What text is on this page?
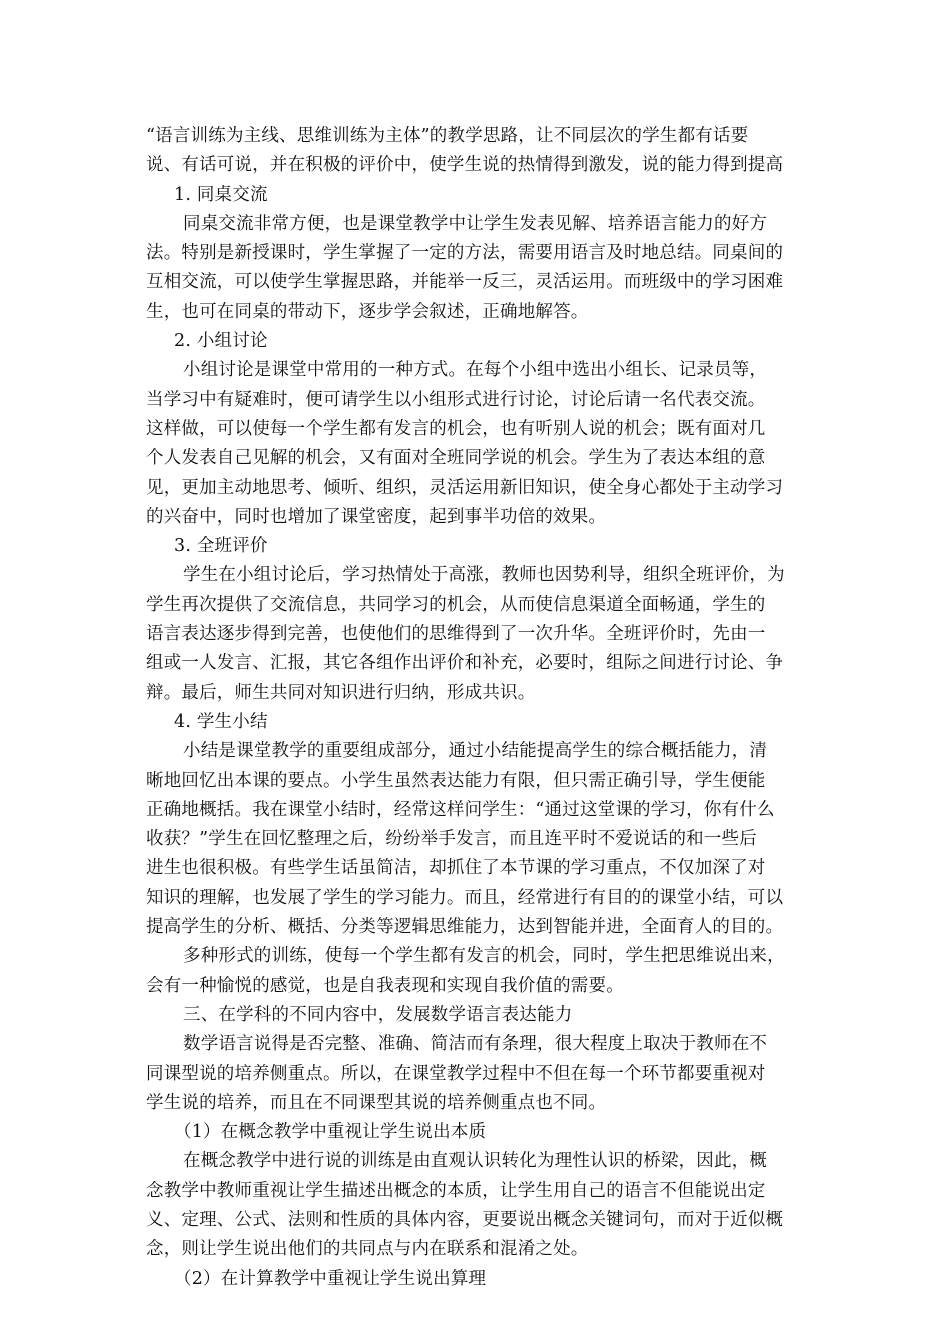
“语言训练为主线、思维训练为主体”的教学思路，让不同层次的学生都有话要
说、有话可说，并在积极的评价中，使学生说的热情得到激发，说的能力得到提高
1. 同桌交流
同桌交流非常方便，也是课堂教学中让学生发表见解、培养语言能力的好方
法。特别是新授课时，学生掌握了一定的方法，需要用语言及时地总结。同桌间的
互相交流，可以使学生掌握思路，并能举一反三，灵活运用。而班级中的学习困难
生，也可在同桌的带动下，逐步学会叙述，正确地解答。
2. 小组讨论
小组讨论是课堂中常用的一种方式。在每个小组中选出小组长、记录员等，
当学习中有疑难时，便可请学生以小组形式进行讨论，讨论后请一名代表交流。
这样做，可以使每一个学生都有发言的机会，也有听别人说的机会；既有面对几
个人发表自己见解的机会，又有面对全班同学说的机会。学生为了表达本组的意
见，更加主动地思考、倾听、组织，灵活运用新旧知识，使全身心都处于主动学习
的兴奋中，同时也增加了课堂密度，起到事半功倍的效果。
3. 全班评价
学生在小组讨论后，学习热情处于高涨，教师也因势利导，组织全班评价，为
学生再次提供了交流信息，共同学习的机会，从而使信息渠道全面畅通，学生的
语言表达逐步得到完善，也使他们的思维得到了一次升华。全班评价时，先由一
组或一人发言、汇报，其它各组作出评价和补充，必要时，组际之间进行讨论、争
辩。最后，师生共同对知识进行归纳，形成共识。
4. 学生小结
小结是课堂教学的重要组成部分，通过小结能提高学生的综合概括能力，清
晰地回忆出本课的要点。小学生虽然表达能力有限，但只需正确引导，学生便能
正确地概括。我在课堂小结时，经常这样问学生：“通过这堂课的学习，你有什么
收获？”学生在回忆整理之后，纷纷举手发言，而且连平时不爱说话的和一些后
进生也很积极。有些学生话虽简洁，却抓住了本节课的学习重点，不仅加深了对
知识的理解，也发展了学生的学习能力。而且，经常进行有目的的课堂小结，可以
提高学生的分析、概括、分类等逻辑思维能力，达到智能并进，全面育人的目的。
多种形式的训练，使每一个学生都有发言的机会，同时，学生把思维说出来，
会有一种愉悦的感觉，也是自我表现和实现自我价值的需要。
三、在学科的不同内容中，发展数学语言表达能力
数学语言说得是否完整、准确、简洁而有条理，很大程度上取决于教师在不
同课型说的培养侧重点。所以，在课堂教学过程中不但在每一个环节都要重视对
学生说的培养，而且在不同课型其说的培养侧重点也不同。
（1）在概念教学中重视让学生说出本质
在概念教学中进行说的训练是由直观认识转化为理性认识的桥梁，因此，概
念教学中教师重视让学生描述出概念的本质，让学生用自己的语言不但能说出定
义、定理、公式、法则和性质的具体内容，更要说出概念关键词句，而对于近似概
念，则让学生说出他们的共同点与内在联系和混淆之处。
（2）在计算教学中重视让学生说出算理
